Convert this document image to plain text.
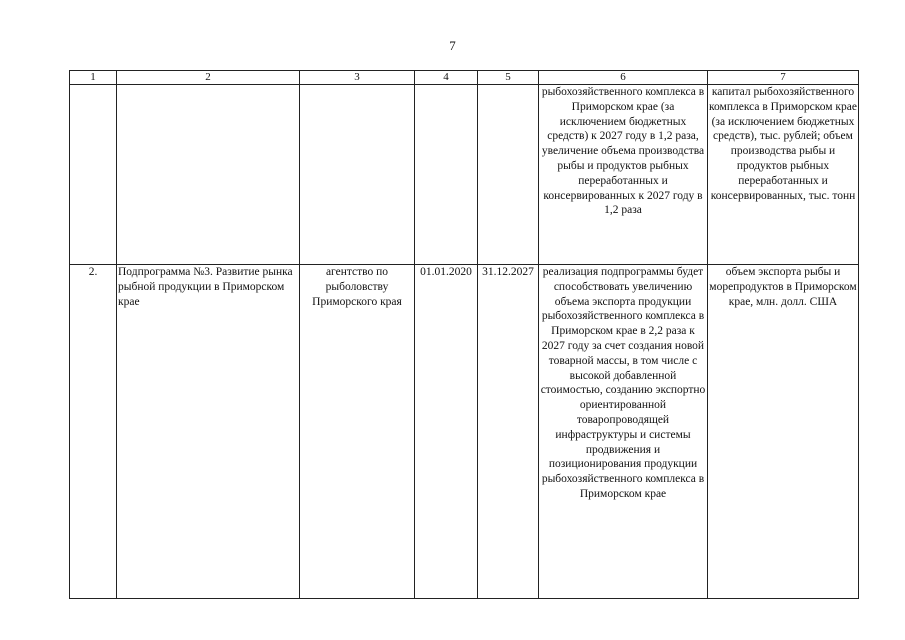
7
1	2	3	4	5	6	7
					рыбохозяйственного комплекса в Приморском крае (за исключением бюджетных средств) к 2027 году в 1,2 раза, увеличение объема производства рыбы и продуктов рыбных переработанных и консервированных к 2027 году в 1,2 раза	капитал рыбохозяйственного комплекса в Приморском крае (за исключением бюджетных средств), тыс. рублей; объем производства рыбы и продуктов рыбных переработанных и консервированных, тыс. тонн
2.	Подпрограмма №3. Развитие рынка рыбной продукции в Приморском крае	агентство по рыболовству Приморского края	01.01.2020	31.12.2027	реализация подпрограммы будет способствовать увеличению объема экспорта продукции рыбохозяйственного комплекса в Приморском крае в 2,2 раза к 2027 году за счет создания новой товарной массы, в том числе с высокой добавленной стоимостью, созданию экспортно ориентированной товаропроводящей инфраструктуры и системы продвижения и позиционирования продукции рыбохозяйственного комплекса в Приморском крае	объем экспорта рыбы и морепродуктов в Приморском крае, млн. долл. США
